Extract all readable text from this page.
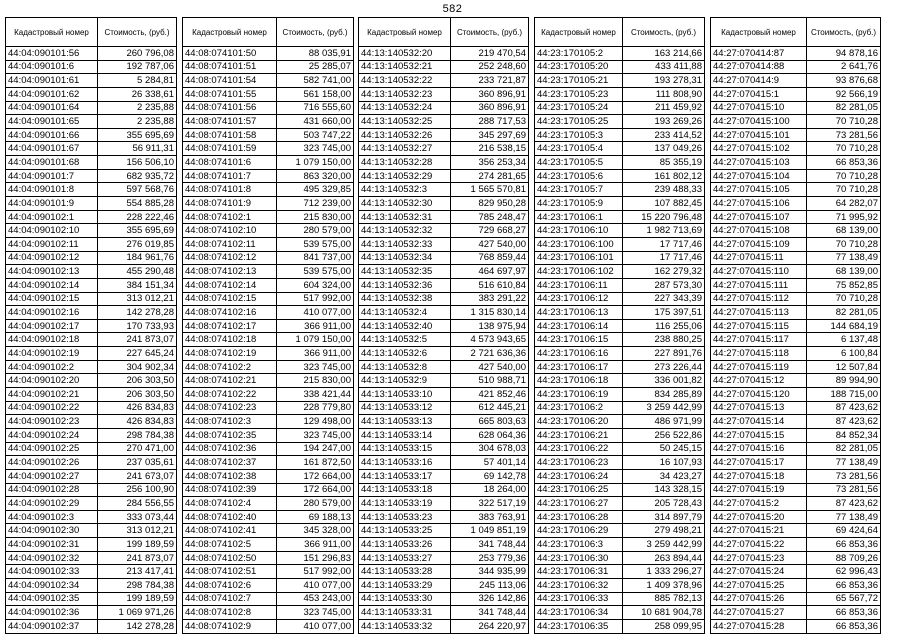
582
Кадастровый номер	Стоимость, (руб.)
44:04:090101:56	260 796,08
44:04:090101:6	192 787,06
44:04:090101:61	5 284,81
44:04:090101:62	26 338,61
44:04:090101:64	2 235,88
44:04:090101:65	2 235,88
44:04:090101:66	355 695,69
44:04:090101:67	56 911,31
44:04:090101:68	156 506,10
44:04:090101:7	682 935,72
44:04:090101:8	597 568,76
44:04:090101:9	554 885,28
44:04:090102:1	228 222,46
44:04:090102:10	355 695,69
44:04:090102:11	276 019,85
44:04:090102:12	184 961,76
44:04:090102:13	455 290,48
44:04:090102:14	384 151,34
44:04:090102:15	313 012,21
44:04:090102:16	142 278,28
44:04:090102:17	170 733,93
44:04:090102:18	241 873,07
44:04:090102:19	227 645,24
44:04:090102:2	304 902,34
44:04:090102:20	206 303,50
44:04:090102:21	206 303,50
44:04:090102:22	426 834,83
44:04:090102:23	426 834,83
44:04:090102:24	298 784,38
44:04:090102:25	270 471,00
44:04:090102:26	237 035,61
44:04:090102:27	241 673,07
44:04:090102:28	256 100,90
44:04:090102:29	284 556,55
44:04:090102:3	333 073,44
44:04:090102:30	313 012,21
44:04:090102:31	199 189,59
44:04:090102:32	241 873,07
44:04:090102:33	213 417,41
44:04:090102:34	298 784,38
44:04:090102:35	199 189,59
44:04:090102:36	1 069 971,26
44:04:090102:37	142 278,28
Кадастровый номер	Стоимость, (руб.)
44:08:074101:50	88 035,91
44:08:074101:51	25 285,07
44:08:074101:54	582 741,00
44:08:074101:55	561 158,00
44:08:074101:56	716 555,60
44:08:074101:57	431 660,00
44:08:074101:58	503 747,22
44:08:074101:59	323 745,00
44:08:074101:6	1 079 150,00
44:08:074101:7	863 320,00
44:08:074101:8	495 329,85
44:08:074101:9	712 239,00
44:08:074102:1	215 830,00
44:08:074102:10	280 579,00
44:08:074102:11	539 575,00
44:08:074102:12	841 737,00
44:08:074102:13	539 575,00
44:08:074102:14	604 324,00
44:08:074102:15	517 992,00
44:08:074102:16	410 077,00
44:08:074102:17	366 911,00
44:08:074102:18	1 079 150,00
44:08:074102:19	366 911,00
44:08:074102:2	323 745,00
44:08:074102:21	215 830,00
44:08:074102:22	338 421,44
44:08:074102:23	228 779,80
44:08:074102:3	129 498,00
44:08:074102:35	323 745,00
44:08:074102:36	194 247,00
44:08:074102:37	161 872,50
44:08:074102:38	172 664,00
44:08:074102:39	172 664,00
44:08:074102:4	280 579,00
44:08:074102:40	69 188,13
44:08:074102:41	345 328,00
44:08:074102:5	366 911,00
44:08:074102:50	151 296,83
44:08:074102:51	517 992,00
44:08:074102:6	410 077,00
44:08:074102:7	453 243,00
44:08:074102:8	323 745,00
44:08:074102:9	410 077,00
Кадастровый номер	Стоимость, (руб.)
44:13:140532:20	219 470,54
44:13:140532:21	252 248,60
44:13:140532:22	233 721,87
44:13:140532:23	360 896,91
44:13:140532:24	360 896,91
44:13:140532:25	288 717,53
44:13:140532:26	345 297,69
44:13:140532:27	216 538,15
44:13:140532:28	356 253,34
44:13:140532:29	274 281,65
44:13:140532:3	1 565 570,81
44:13:140532:30	829 950,28
44:13:140532:31	785 248,47
44:13:140532:32	729 668,27
44:13:140532:33	427 540,00
44:13:140532:34	768 859,44
44:13:140532:35	464 697,97
44:13:140532:36	516 610,84
44:13:140532:38	383 291,22
44:13:140532:4	1 315 830,14
44:13:140532:40	138 975,94
44:13:140532:5	4 573 943,65
44:13:140532:6	2 721 636,36
44:13:140532:8	427 540,00
44:13:140532:9	510 988,71
44:13:140533:10	421 852,46
44:13:140533:12	612 445,21
44:13:140533:13	665 803,63
44:13:140533:14	628 064,36
44:13:140533:15	304 678,03
44:13:140533:16	57 401,14
44:13:140533:17	69 142,78
44:13:140533:18	18 264,00
44:13:140533:19	322 517,19
44:13:140533:23	383 763,91
44:13:140533:25	1 049 851,19
44:13:140533:26	341 748,44
44:13:140533:27	253 779,36
44:13:140533:28	344 935,99
44:13:140533:29	245 113,06
44:13:140533:30	326 142,86
44:13:140533:31	341 748,44
44:13:140533:32	264 220,97
Кадастровый номер	Стоимость, (руб.)
44:23:170105:2	163 214,66
44:23:170105:20	433 411,88
44:23:170105:21	193 278,31
44:23:170105:23	111 808,90
44:23:170105:24	211 459,92
44:23:170105:25	193 269,26
44:23:170105:3	233 414,52
44:23:170105:4	137 049,26
44:23:170105:5	85 355,19
44:23:170105:6	161 802,12
44:23:170105:7	239 488,33
44:23:170105:9	107 882,45
44:23:170106:1	15 220 796,48
44:23:170106:10	1 982 713,69
44:23:170106:100	17 717,46
44:23:170106:101	17 717,46
44:23:170106:102	162 279,32
44:23:170106:11	287 573,30
44:23:170106:12	227 343,39
44:23:170106:13	175 397,51
44:23:170106:14	116 255,06
44:23:170106:15	238 880,25
44:23:170106:16	227 891,76
44:23:170106:17	273 226,44
44:23:170106:18	336 001,82
44:23:170106:19	834 285,89
44:23:170106:2	3 259 442,99
44:23:170106:20	486 971,99
44:23:170106:21	256 522,86
44:23:170106:22	50 245,15
44:23:170106:23	16 107,93
44:23:170106:24	34 423,27
44:23:170106:25	143 328,15
44:23:170106:27	205 728,43
44:23:170106:28	314 897,79
44:23:170106:29	279 498,21
44:23:170106:3	3 259 442,99
44:23:170106:30	263 894,44
44:23:170106:31	1 333 296,27
44:23:170106:32	1 409 378,96
44:23:170106:33	885 782,13
44:23:170106:34	10 681 904,78
44:23:170106:35	258 099,95
Кадастровый номер	Стоимость, (руб.)
44:27:070414:87	94 878,16
44:27:070414:88	2 641,76
44:27:070414:9	93 876,68
44:27:070415:1	92 566,19
44:27:070415:10	82 281,05
44:27:070415:100	70 710,28
44:27:070415:101	73 281,56
44:27:070415:102	70 710,28
44:27:070415:103	66 853,36
44:27:070415:104	70 710,28
44:27:070415:105	70 710,28
44:27:070415:106	64 282,07
44:27:070415:107	71 995,92
44:27:070415:108	68 139,00
44:27:070415:109	70 710,28
44:27:070415:11	77 138,49
44:27:070415:110	68 139,00
44:27:070415:111	75 852,85
44:27:070415:112	70 710,28
44:27:070415:113	82 281,05
44:27:070415:115	144 684,19
44:27:070415:117	6 137,48
44:27:070415:118	6 100,84
44:27:070415:119	12 507,84
44:27:070415:12	89 994,90
44:27:070415:120	188 715,00
44:27:070415:13	87 423,62
44:27:070415:14	87 423,62
44:27:070415:15	84 852,34
44:27:070415:16	82 281,05
44:27:070415:17	77 138,49
44:27:070415:18	73 281,56
44:27:070415:19	73 281,56
44:27:070415:2	87 423,62
44:27:070415:20	77 138,49
44:27:070415:21	69 424,64
44:27:070415:22	66 853,36
44:27:070415:23	88 709,26
44:27:070415:24	62 996,43
44:27:070415:25	66 853,36
44:27:070415:26	65 567,72
44:27:070415:27	66 853,36
44:27:070415:28	66 853,36
